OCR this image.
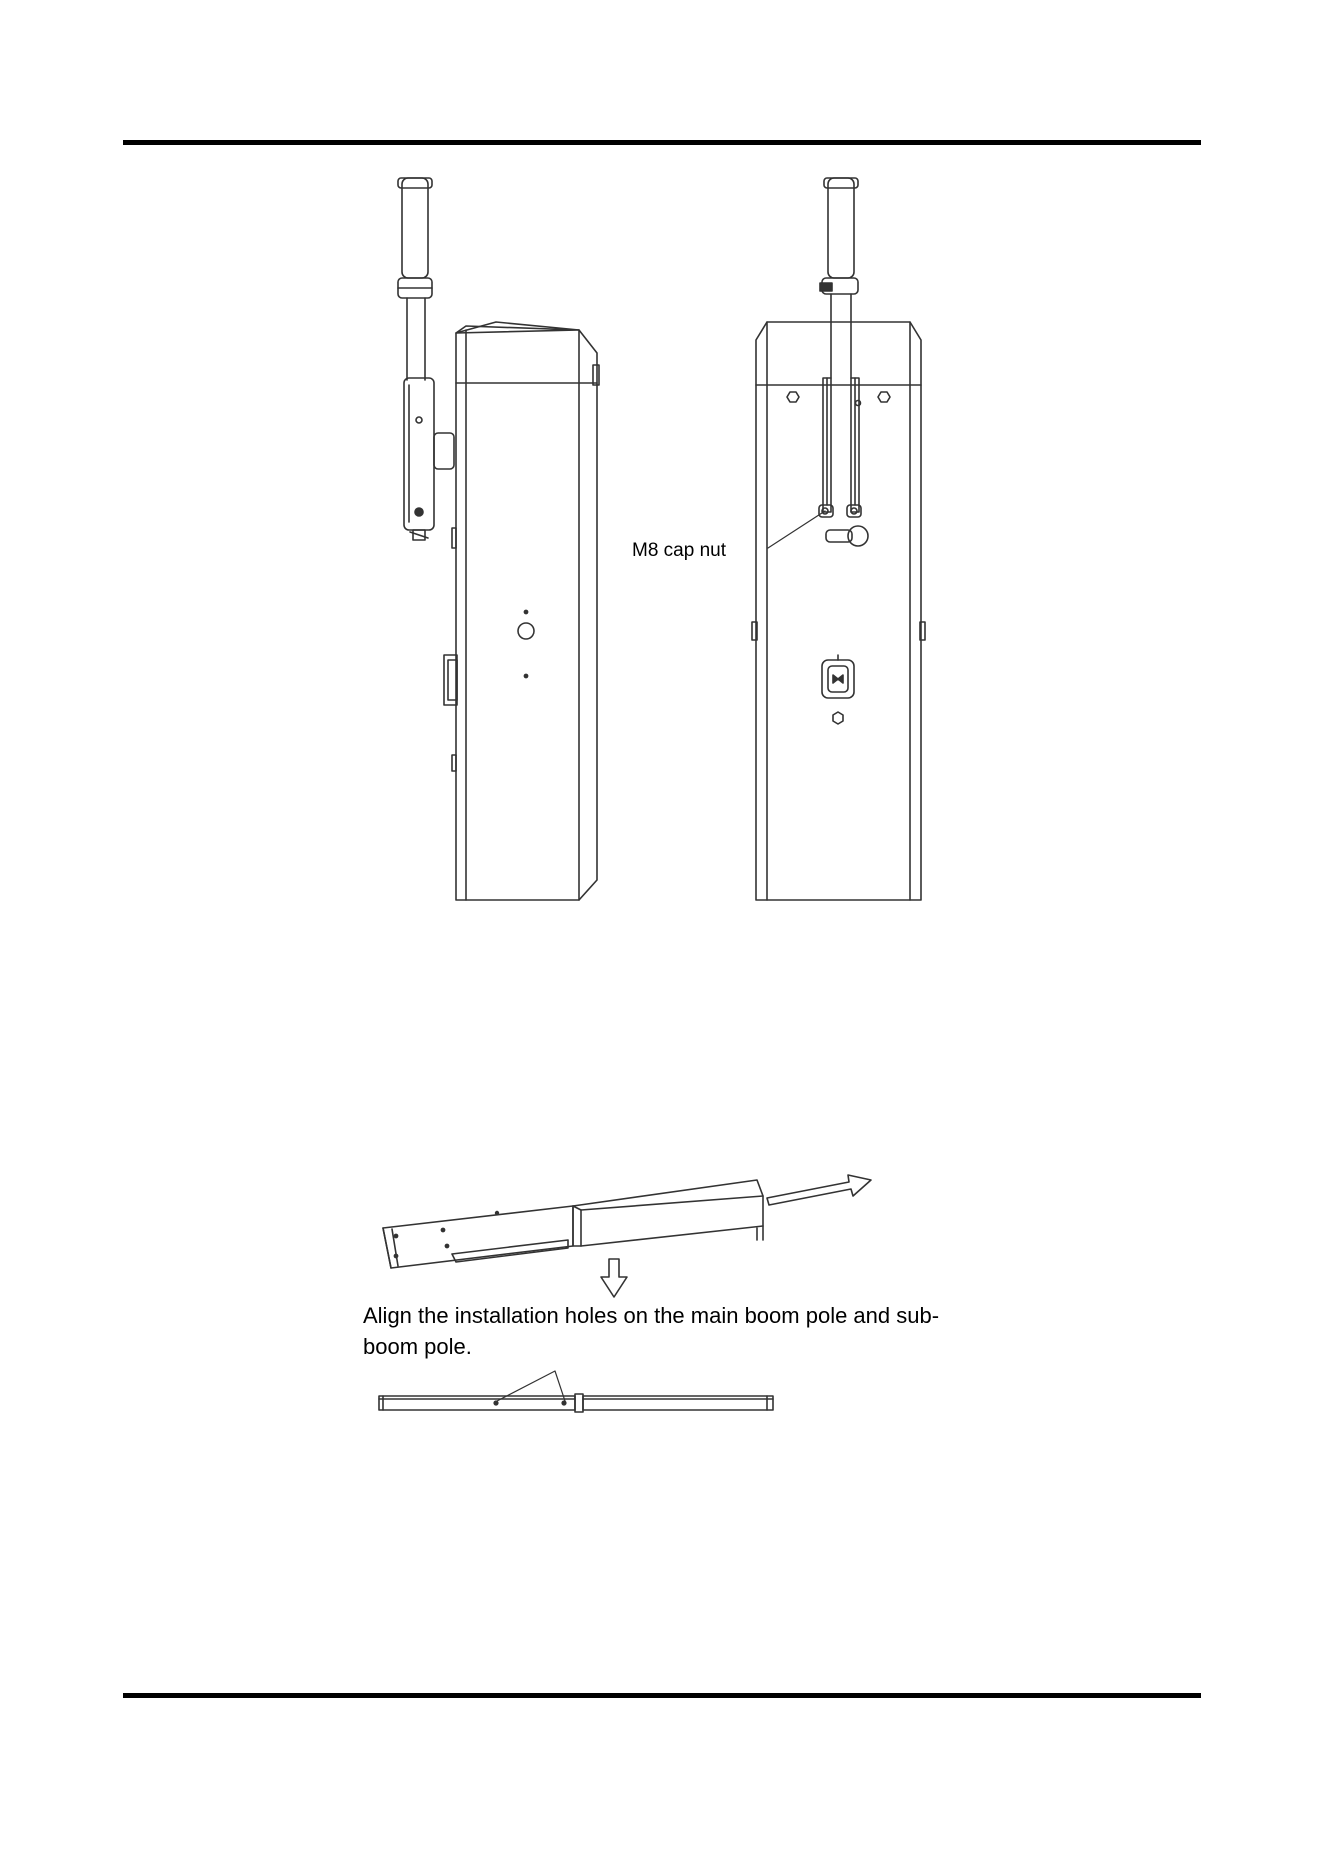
M8 cap nut
Align the installation holes on the main boom pole and sub-boom pole.
